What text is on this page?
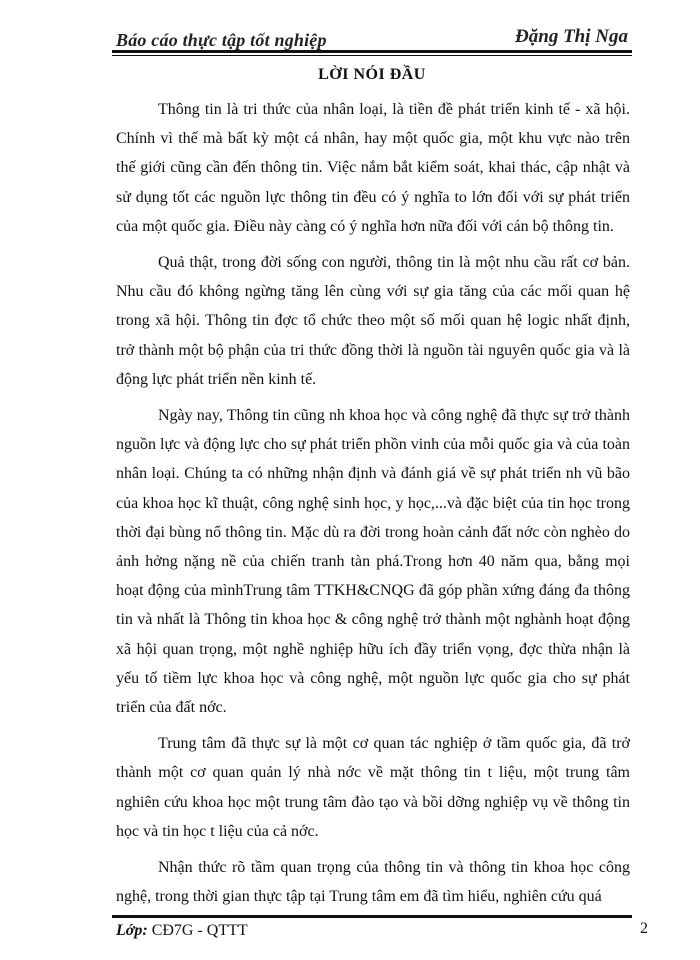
Báo cáo thực tập tốt nghiệp	Đặng Thị Nga
LỜI NÓI ĐẦU

Thông tin là tri thức của nhân loại, là tiền đề phát triển kinh tế - xã hội. Chính vì thế mà bất kỳ một cá nhân, hay một quốc gia, một khu vực nào trên thế giới cũng cần đến thông tin. Việc nắm bắt kiểm soát, khai thác, cập nhật và sử dụng tốt các nguồn lực thông tin đều có ý nghĩa to lớn đối với sự phát triển của một quốc gia. Điều này càng có ý nghĩa hơn nữa đối với cán bộ thông tin.

Quả thật, trong đời sống con người, thông tin là một nhu cầu rất cơ bản. Nhu cầu đó không ngừng tăng lên cùng với sự gia tăng của các mối quan hệ trong xã hội. Thông tin đợc tổ chức theo một số mối quan hệ logic nhất định, trở thành một bộ phận của tri thức đồng thời là nguồn tài nguyên quốc gia và là động lực phát triển nền kinh tế.

Ngày nay, Thông tin cũng nh khoa học và công nghệ đã thực sự trở thành nguồn lực và động lực cho sự phát triển phồn vinh của mỗi quốc gia và của toàn nhân loại. Chúng ta có những nhận định và đánh giá về sự phát triển nh vũ bão của khoa học kĩ thuật, công nghệ sinh học, y học,...và đặc biệt của tin học trong thời đại bùng nổ thông tin. Mặc dù ra đời trong hoàn cảnh đất nớc còn nghèo do ảnh hởng nặng nề của chiến tranh tàn phá.Trong hơn 40 năm qua, bằng mọi hoạt động của mìnhTrung tâm TTKH&CNQG đã góp phần xứng đáng đa thông tin và nhất là Thông tin khoa học & công nghệ trở thành một nghành hoạt động xã hội quan trọng, một nghề nghiệp hữu ích đầy triển vọng, đợc thừa nhận là yếu tố tiềm lực khoa học và công nghệ, một nguồn lực quốc gia cho sự phát triển của đất nớc.

Trung tâm đã thực sự là một cơ quan tác nghiệp ở tầm quốc gia, đã trở thành một cơ quan quản lý nhà nớc về mặt thông tin t liệu, một trung tâm nghiên cứu khoa học một trung tâm đào tạo và bồi dỡng nghiệp vụ về thông tin học và tin học t liệu của cả nớc.

Nhận thức rõ tầm quan trọng của thông tin và thông tin khoa học công nghệ, trong thời gian thực tập tại Trung tâm em đã tìm hiểu, nghiên cứu quá

Lớp: CĐ7G - QTTT	2
